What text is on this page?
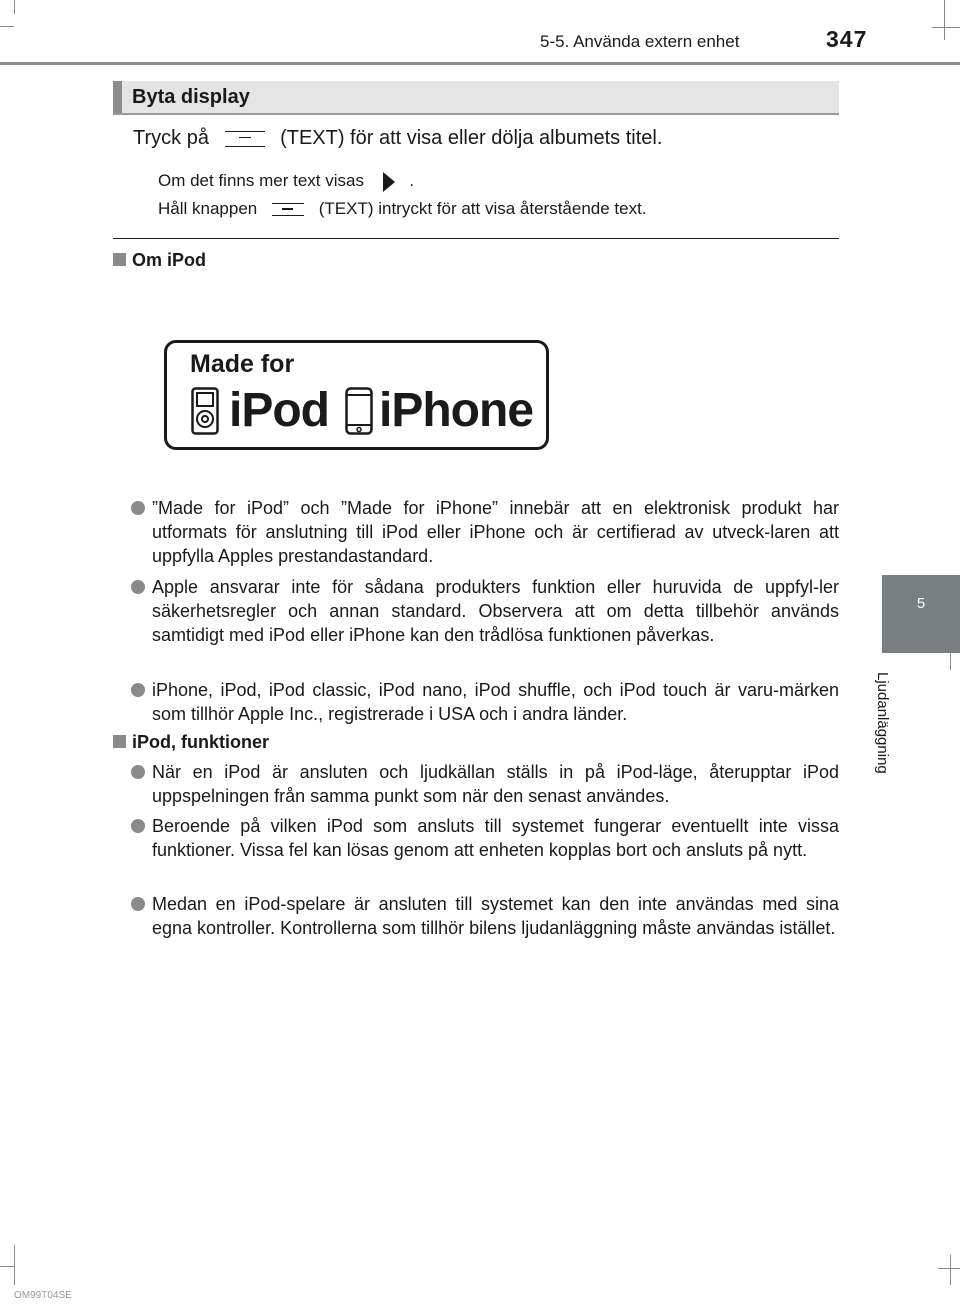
5-5. Använda extern enhet	347
5
Ljudanläggning
Byta display
Tryck på	(TEXT) för att visa eller dölja albumets titel.
Om det finns mer text visas	.
Håll knappen	(TEXT) intryckt för att visa återstående text.
Om iPod
Made for
iPod iPhone
”Made for iPod” och ”Made for iPhone” innebär att en elektronisk produkt har utformats för anslutning till iPod eller iPhone och är certifierad av utveck-laren att uppfylla Apples prestandastandard.
Apple ansvarar inte för sådana produkters funktion eller huruvida de uppfyl-ler säkerhetsregler och annan standard. Observera att om detta tillbehör används samtidigt med iPod eller iPhone kan den trådlösa funktionen påverkas.
iPhone, iPod, iPod classic, iPod nano, iPod shuffle, och iPod touch är varu-märken som tillhör Apple Inc., registrerade i USA och i andra länder.
iPod, funktioner
När en iPod är ansluten och ljudkällan ställs in på iPod-läge, återupptar iPod uppspelningen från samma punkt som när den senast användes.
Beroende på vilken iPod som ansluts till systemet fungerar eventuellt inte vissa funktioner. Vissa fel kan lösas genom att enheten kopplas bort och ansluts på nytt.
Medan en iPod-spelare är ansluten till systemet kan den inte användas med sina egna kontroller. Kontrollerna som tillhör bilens ljudanläggning måste användas istället.
OM99T04SE
